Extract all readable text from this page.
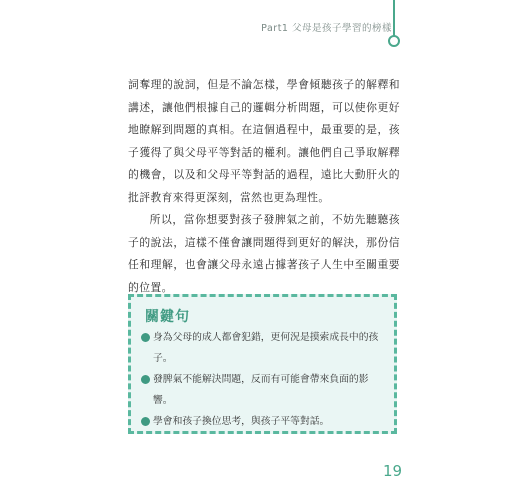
Part1 父母是孩子學習的榜樣

詞奪理的說詞，但是不論怎樣，學會傾聽孩子的解釋和講述，讓他們根據自己的邏輯分析問題，可以使你更好地瞭解到問題的真相。在這個過程中，最重要的是，孩子獲得了與父母平等對話的權利。讓他們自己爭取解釋的機會，以及和父母平等對話的過程，遠比大動肝火的批評教育來得更深刻，當然也更為理性。

所以，當你想要對孩子發脾氣之前，不妨先聽聽孩子的說法，這樣不僅會讓問題得到更好的解決，那份信任和理解，也會讓父母永遠占據著孩子人生中至關重要的位置。

關鍵句
身為父母的成人都會犯錯，更何況是摸索成長中的孩子。
發脾氣不能解決問題，反而有可能會帶來負面的影響。
學會和孩子換位思考，與孩子平等對話。
19
